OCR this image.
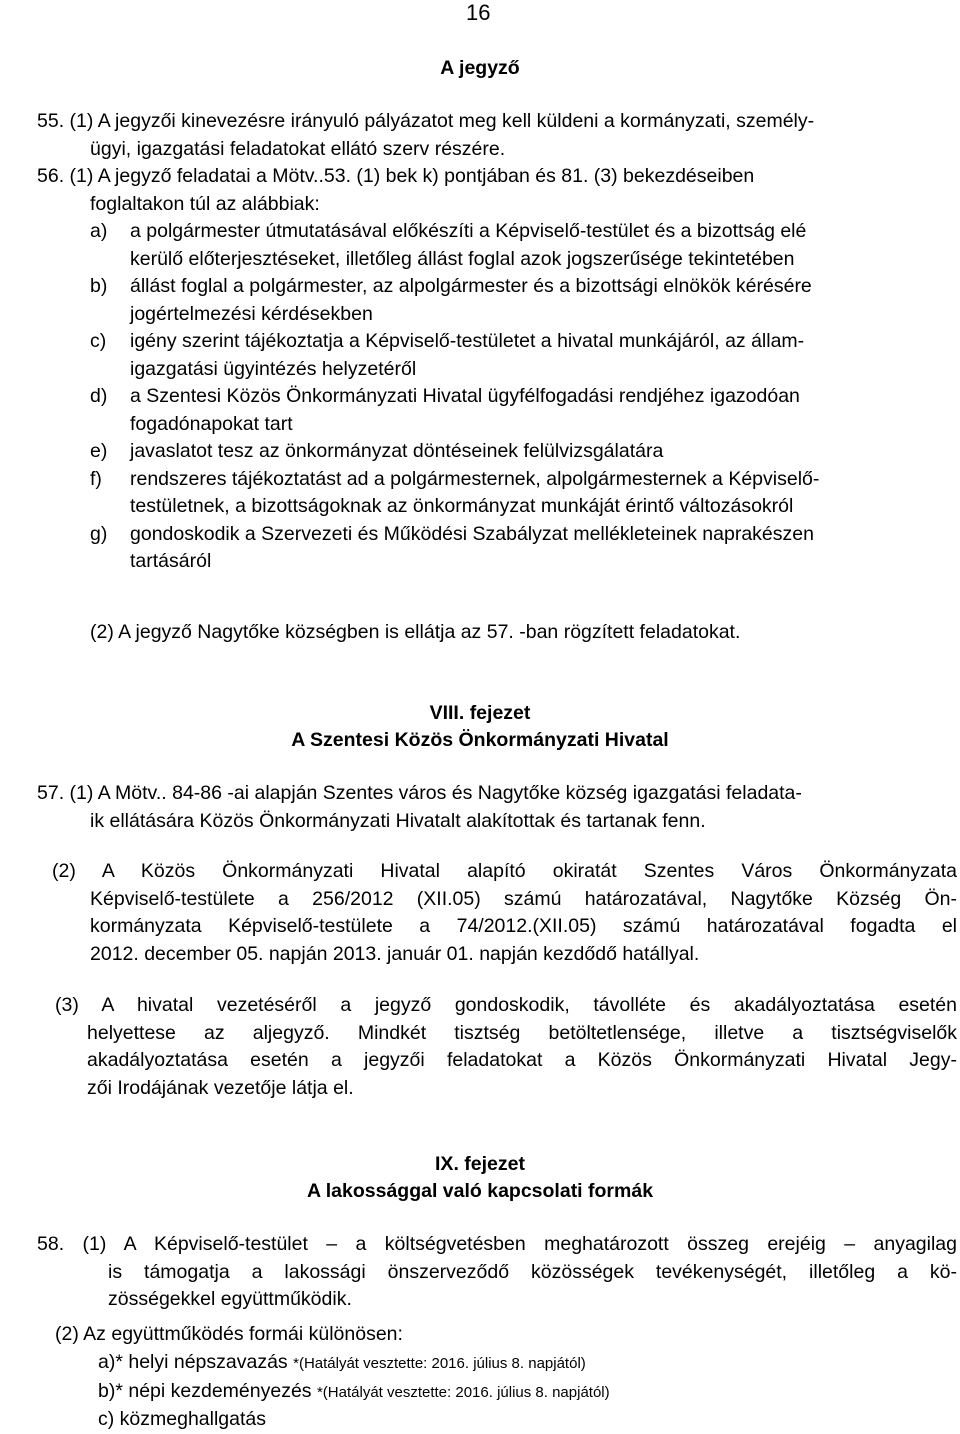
16
A jegyző
55. (1) A jegyzői kinevezésre irányuló pályázatot meg kell küldeni a kormányzati, személy-
ügyi, igazgatási feladatokat ellátó szerv részére.
56. (1) A jegyző feladatai a Mötv..53. (1) bek k) pontjában és 81. (3) bekezdéseiben
foglaltakon túl az alábbiak:
a) a polgármester útmutatásával előkészíti a Képviselő-testület és a bizottság elé
kerülő előterjesztéseket, illetőleg állást foglal azok jogszerűsége tekintetében
b) állást foglal a polgármester, az alpolgármester és a bizottsági elnökök kérésére
jogértelmezési kérdésekben
c) igény szerint tájékoztatja a Képviselő-testületet a hivatal munkájáról, az állam-
igazgatási ügyintézés helyzetéről
d) a Szentesi Közös Önkormányzati Hivatal ügyfélfogadási rendjéhez igazodóan
fogadónapokat tart
e) javaslatot tesz az önkormányzat döntéseinek felülvizsgálatára
f) rendszeres tájékoztatást ad a polgármesternek, alpolgármesternek a Képviselő-
testületnek, a bizottságoknak az önkormányzat munkáját érintő változásokról
g) gondoskodik a Szervezeti és Működési Szabályzat mellékleteinek naprakészen
tartásáról
(2) A jegyző Nagytőke községben is ellátja az 57. -ban rögzített feladatokat.
VIII. fejezet
A Szentesi Közös Önkormányzati Hivatal
57. (1) A Mötv.. 84-86 -ai alapján Szentes város és Nagytőke község igazgatási feladata-
ik ellátására Közös Önkormányzati Hivatalt alakítottak és tartanak fenn.
(2) A Közös Önkormányzati Hivatal alapító okiratát Szentes Város Önkormányzata
Képviselő-testülete a 256/2012 (XII.05) számú határozatával, Nagytőke Község Ön-
kormányzata Képviselő-testülete a 74/2012.(XII.05) számú határozatával fogadta el
2012. december 05. napján 2013. január 01. napján kezdődő hatállyal.
(3) A hivatal vezetéséről a jegyző gondoskodik, távolléte és akadályoztatása esetén
helyettese az aljegyző. Mindkét tisztség betöltetlensége, illetve a tisztségviselők
akadályoztatása esetén a jegyzői feladatokat a Közös Önkormányzati Hivatal Jegy-
zői Irodájának vezetője látja el.
IX. fejezet
A lakossággal való kapcsolati formák
58. (1) A Képviselő-testület – a költségvetésben meghatározott összeg erejéig – anyagilag
is támogatja a lakossági önszerveződő közösségek tevékenységét, illetőleg a kö-
zösségekkel együttműködik.
(2) Az együttműködés formái különösen:
a)* helyi népszavazás *(Hatályát vesztette: 2016. július 8. napjától)
b)* népi kezdeményezés *(Hatályát vesztette: 2016. július 8. napjától)
c) közmeghallgatás
